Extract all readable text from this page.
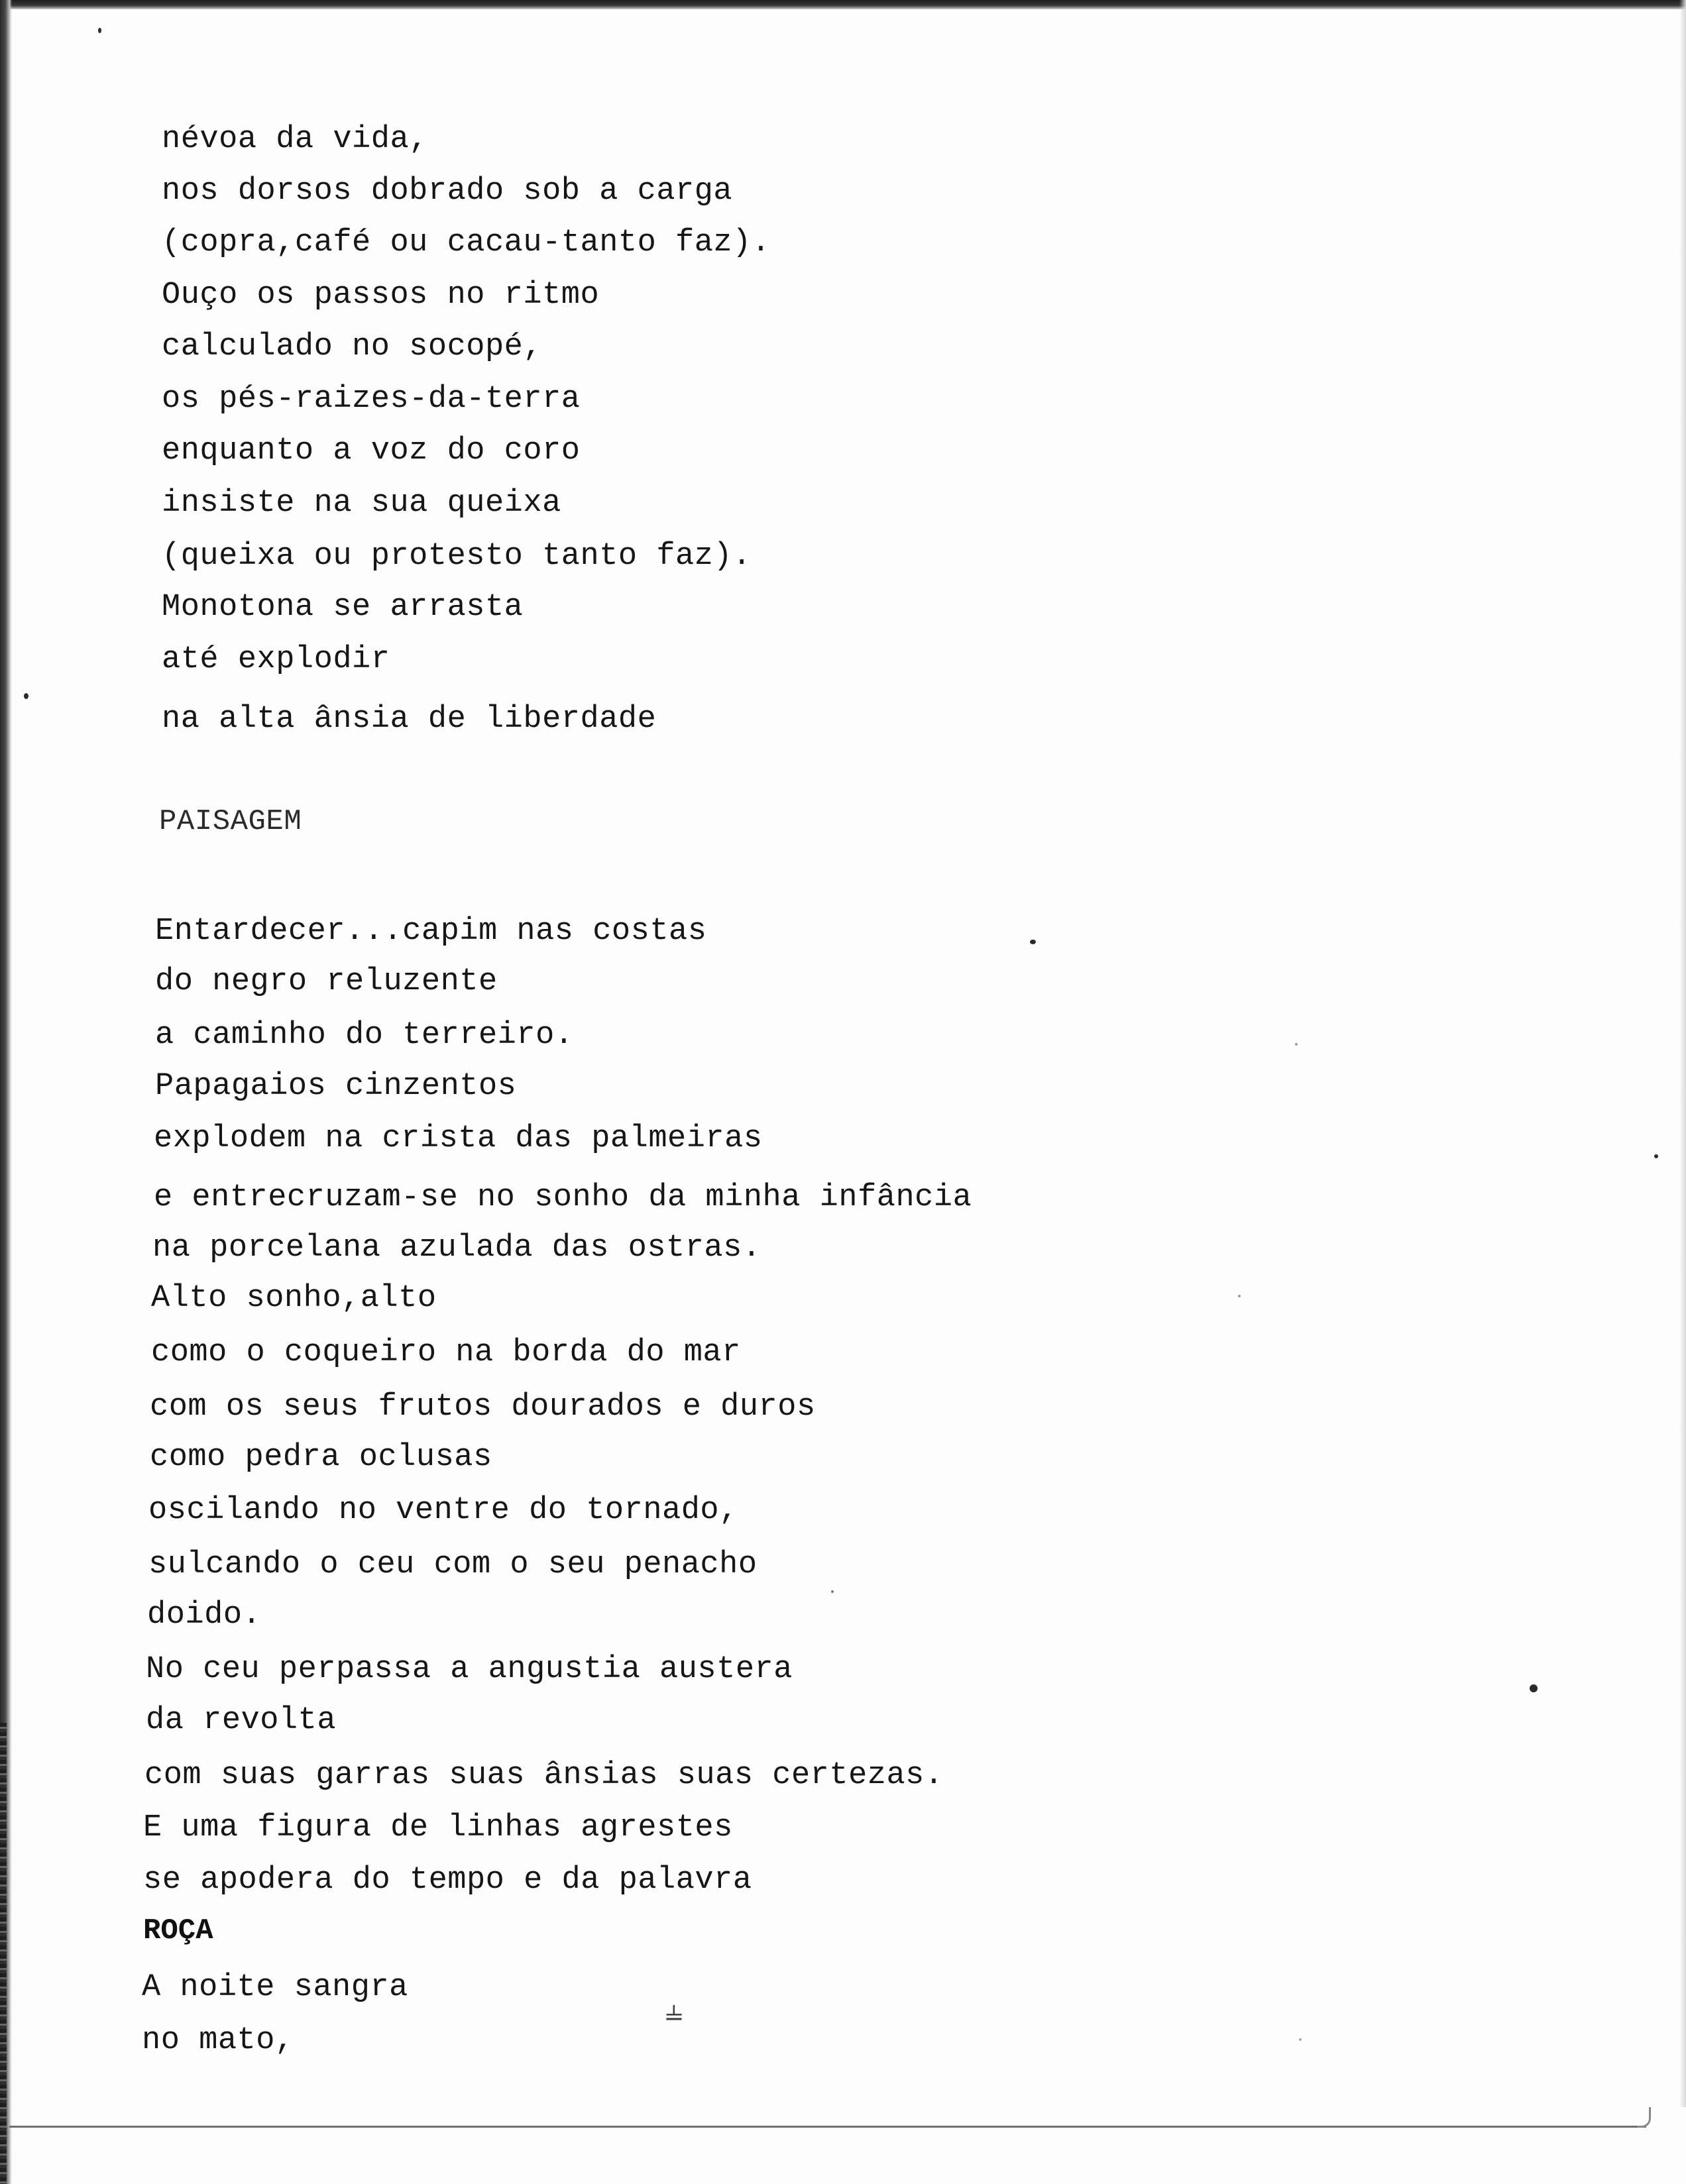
névoa da vida,
nos dorsos dobrado sob a carga
(copra,café ou cacau-tanto faz).
Ouço os passos no ritmo
calculado no socopé,
os pés-raizes-da-terra
enquanto a voz do coro
insiste na sua queixa
(queixa ou protesto tanto faz).
Monotona se arrasta
até explodir
na alta ânsia de liberdade
PAISAGEM
Entardecer...capim nas costas
do negro reluzente
a caminho do terreiro.
Papagaios cinzentos
explodem na crista das palmeiras
e entrecruzam-se no sonho da minha infância
na porcelana azulada das ostras.
Alto sonho,alto
como o coqueiro na borda do mar
com os seus frutos dourados e duros
como pedra oclusas
oscilando no ventre do tornado,
sulcando o ceu com o seu penacho
doido.
No ceu perpassa a angustia austera
da revolta
com suas garras suas ânsias suas certezas.
E uma figura de linhas agrestes
se apodera do tempo e da palavra
ROÇA
A noite sangra
no mato,
⫨
